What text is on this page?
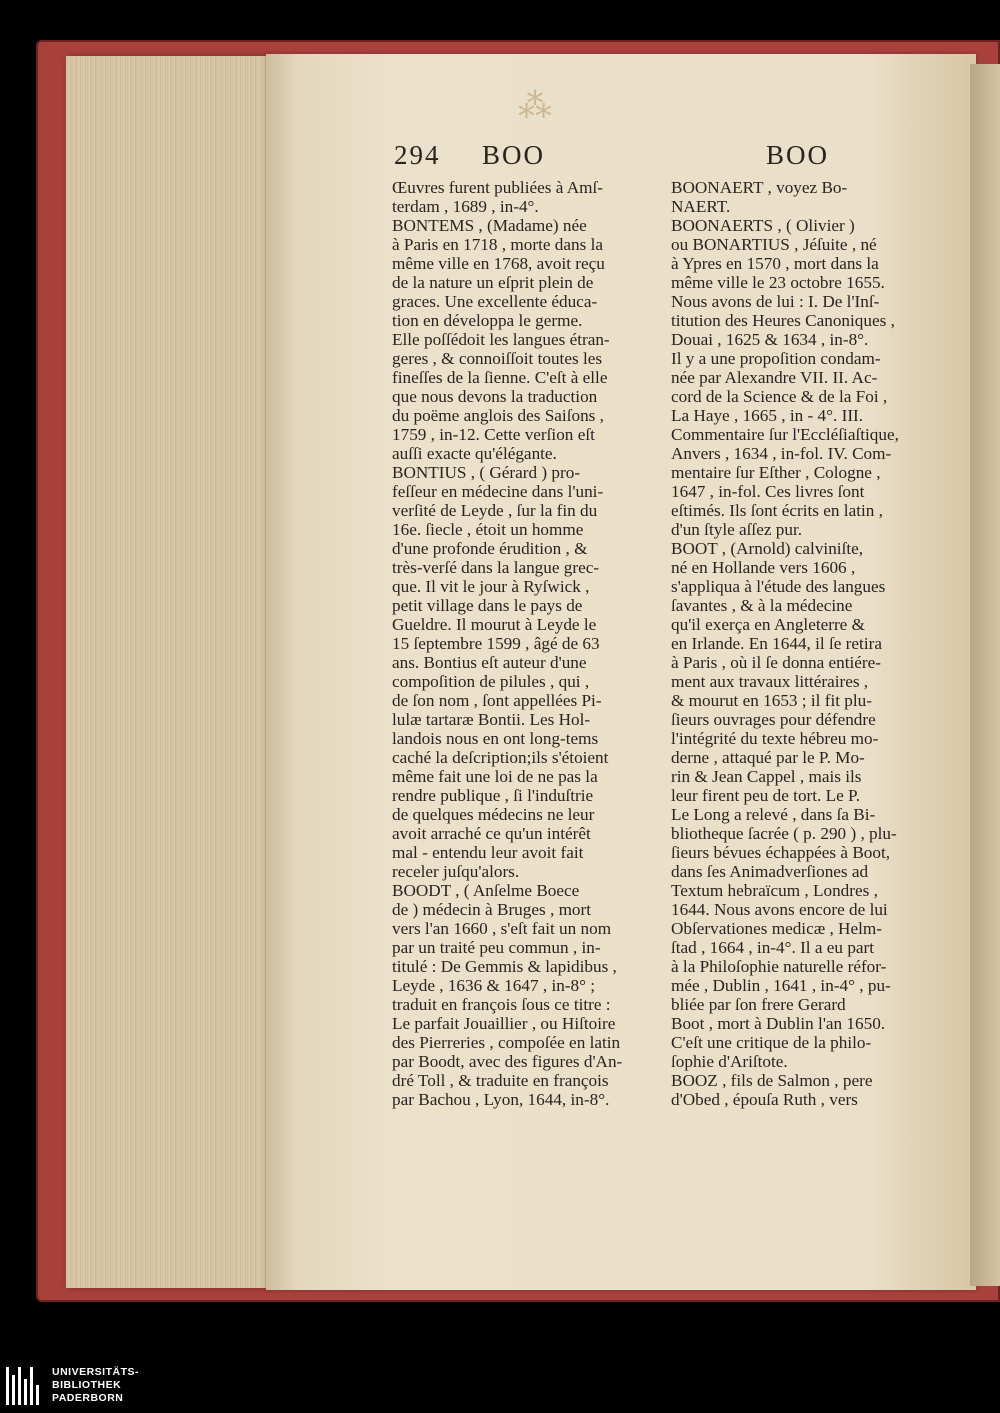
⁂
294 BOO	BOO
Œuvres furent publiées à Amſ-
terdam , 1689 , in-4°.
BONTEMS , (Madame) née
à Paris en 1718 , morte dans la
même ville en 1768, avoit reçu
de la nature un eſprit plein de
graces. Une excellente éduca-
tion en développa le germe.
Elle poſſédoit les langues étran-
geres , & connoiſſoit toutes les
fineſſes de la ſienne. C'eſt à elle
que nous devons la traduction
du poëme anglois des Saiſons ,
1759 , in-12. Cette verſion eſt
auſſi exacte qu'élégante.
BONTIUS , ( Gérard ) pro-
feſſeur en médecine dans l'uni-
verſité de Leyde , ſur la fin du
16e. ſiecle , étoit un homme
d'une profonde érudition , &
très-verſé dans la langue grec-
que. Il vit le jour à Ryſwick ,
petit village dans le pays de
Gueldre. Il mourut à Leyde le
15 ſeptembre 1599 , âgé de 63
ans. Bontius eſt auteur d'une
compoſition de pilules , qui ,
de ſon nom , ſont appellées Pi-
lulæ tartaræ Bontii. Les Hol-
landois nous en ont long-tems
caché la deſcription;ils s'étoient
même fait une loi de ne pas la
rendre publique , ſi l'induſtrie
de quelques médecins ne leur
avoit arraché ce qu'un intérêt
mal - entendu leur avoit fait
receler juſqu'alors.
BOODT , ( Anſelme Boece
de ) médecin à Bruges , mort
vers l'an 1660 , s'eſt fait un nom
par un traité peu commun , in-
titulé : De Gemmis & lapidibus ,
Leyde , 1636 & 1647 , in-8° ;
traduit en françois ſous ce titre :
Le parfait Jouaillier , ou Hiſtoire
des Pierreries , compoſée en latin
par Boodt, avec des figures d'An-
dré Toll , & traduite en françois
par Bachou , Lyon, 1644, in-8°.
BOONAERT , voyez Bo-
NAERT.
BOONAERTS , ( Olivier )
ou BONARTIUS , Jéſuite , né
à Ypres en 1570 , mort dans la
même ville le 23 octobre 1655.
Nous avons de lui : I. De l'Inſ-
titution des Heures Canoniques ,
Douai , 1625 & 1634 , in-8°.
Il y a une propoſition condam-
née par Alexandre VII. II. Ac-
cord de la Science & de la Foi ,
La Haye , 1665 , in - 4°. III.
Commentaire ſur l'Eccléſiaſtique,
Anvers , 1634 , in-fol. IV. Com-
mentaire ſur Eſther , Cologne ,
1647 , in-fol. Ces livres ſont
eſtimés. Ils ſont écrits en latin ,
d'un ſtyle aſſez pur.
BOOT , (Arnold) calviniſte,
né en Hollande vers 1606 ,
s'appliqua à l'étude des langues
ſavantes , & à la médecine
qu'il exerça en Angleterre &
en Irlande. En 1644, il ſe retira
à Paris , où il ſe donna entiére-
ment aux travaux littéraires ,
& mourut en 1653 ; il fit plu-
ſieurs ouvrages pour défendre
l'intégrité du texte hébreu mo-
derne , attaqué par le P. Mo-
rin & Jean Cappel , mais ils
leur firent peu de tort. Le P.
Le Long a relevé , dans ſa Bi-
bliotheque ſacrée ( p. 290 ) , plu-
ſieurs bévues échappées à Boot,
dans ſes Animadverſiones ad
Textum hebraïcum , Londres ,
1644. Nous avons encore de lui
Obſervationes medicæ , Helm-
ſtad , 1664 , in-4°. Il a eu part
à la Philoſophie naturelle réfor-
mée , Dublin , 1641 , in-4° , pu-
bliée par ſon frere Gerard
Boot , mort à Dublin l'an 1650.
C'eſt une critique de la philo-
ſophie d'Ariſtote.
BOOZ , fils de Salmon , pere
d'Obed , épouſa Ruth , vers
UNIVERSITÄTS-
BIBLIOTHEK
PADERBORN
